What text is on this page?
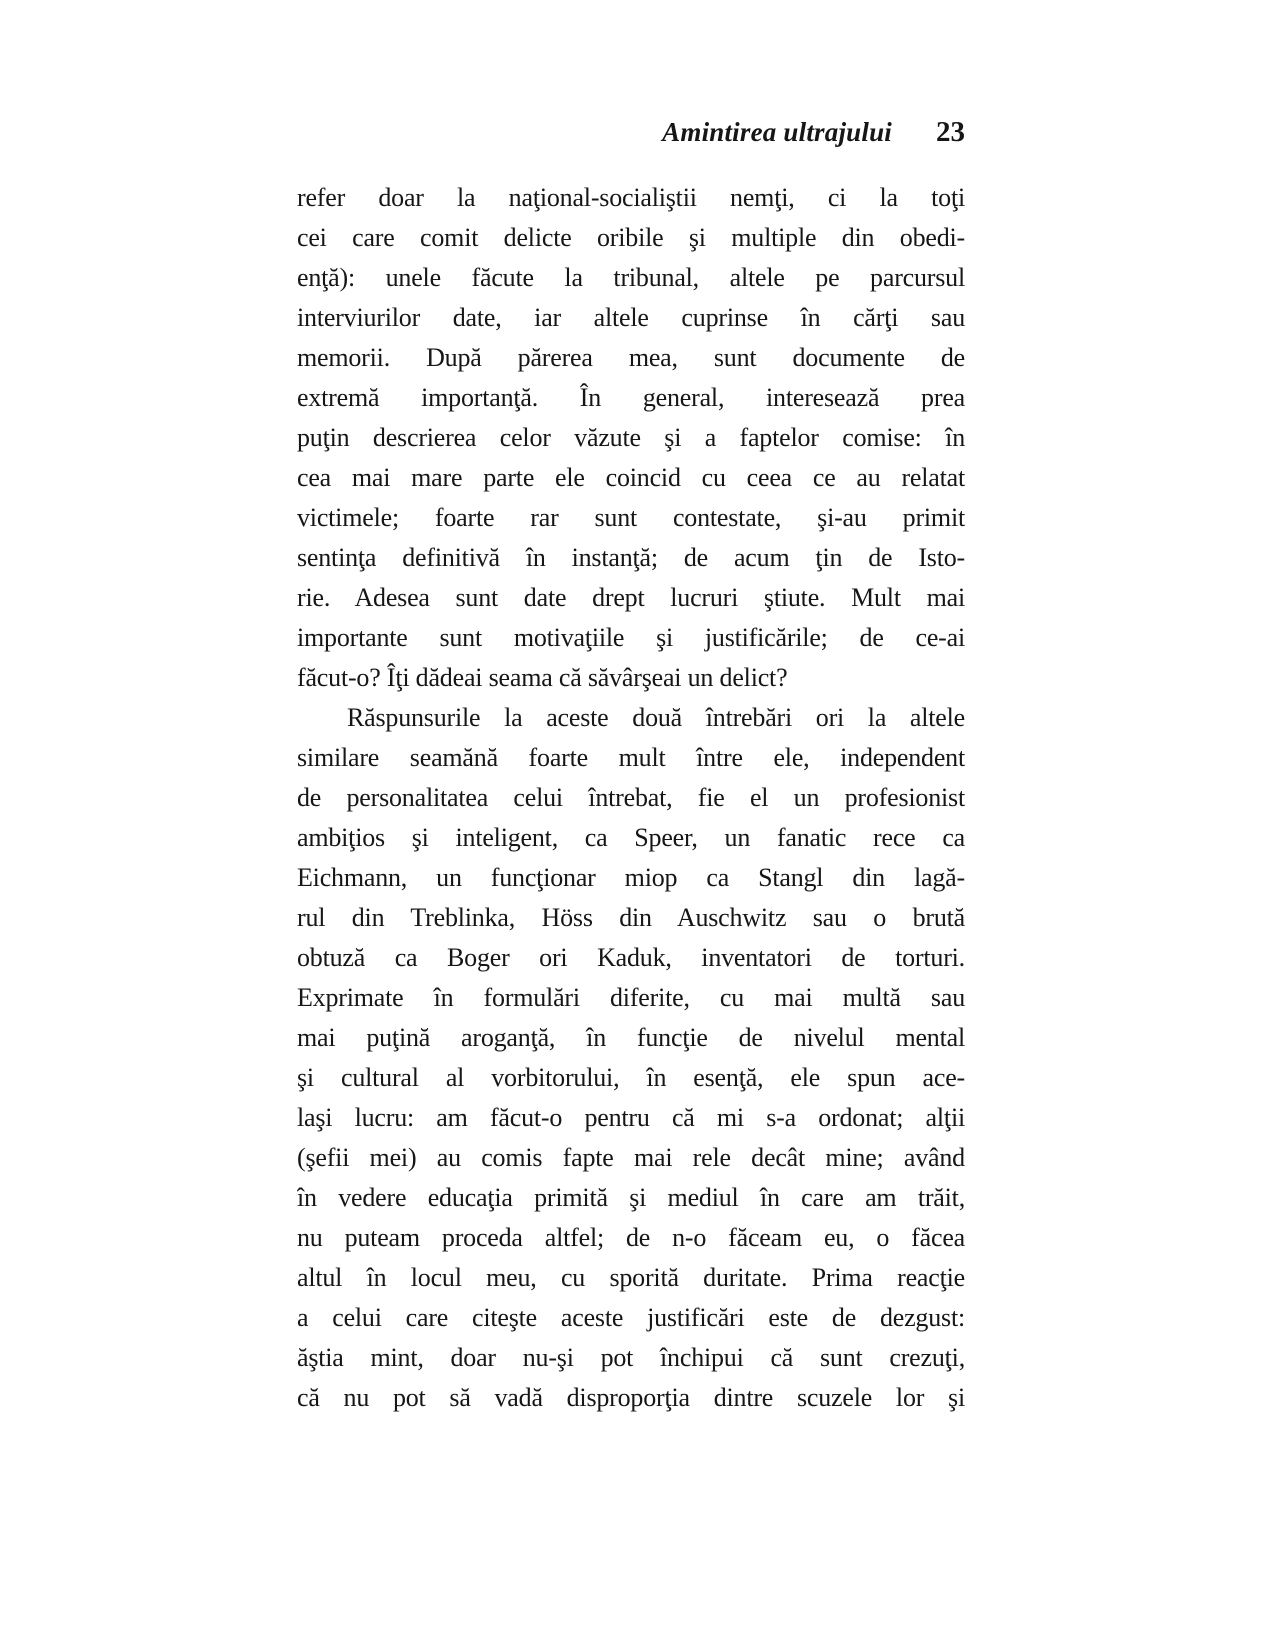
Amintirea ultrajului 23
refer doar la naţional-socialiştii nemţi, ci la toţi
cei care comit delicte oribile şi multiple din obedi-
enţă): unele făcute la tribunal, altele pe parcursul
interviurilor date, iar altele cuprinse în cărţi sau
memorii. După părerea mea, sunt documente de
extremă importanţă. În general, interesează prea
puţin descrierea celor văzute şi a faptelor comise: în
cea mai mare parte ele coincid cu ceea ce au relatat
victimele; foarte rar sunt contestate, şi-au primit
sentinţa definitivă în instanţă; de acum ţin de Isto-
rie. Adesea sunt date drept lucruri ştiute. Mult mai
importante sunt motivaţiile şi justificările; de ce-ai
făcut-o? Îţi dădeai seama că săvârşeai un delict?
Răspunsurile la aceste două întrebări ori la altele
similare seamănă foarte mult între ele, independent
de personalitatea celui întrebat, fie el un profesionist
ambiţios şi inteligent, ca Speer, un fanatic rece ca
Eichmann, un funcţionar miop ca Stangl din lagă-
rul din Treblinka, Höss din Auschwitz sau o brută
obtuză ca Boger ori Kaduk, inventatori de torturi.
Exprimate în formulări diferite, cu mai multă sau
mai puţină aroganţă, în funcţie de nivelul mental
şi cultural al vorbitorului, în esenţă, ele spun ace-
laşi lucru: am făcut-o pentru că mi s-a ordonat; alţii
(şefii mei) au comis fapte mai rele decât mine; având
în vedere educaţia primită şi mediul în care am trăit,
nu puteam proceda altfel; de n-o făceam eu, o făcea
altul în locul meu, cu sporită duritate. Prima reacţie
a celui care citeşte aceste justificări este de dezgust:
ăştia mint, doar nu-şi pot închipui că sunt crezuţi,
că nu pot să vadă disproporţia dintre scuzele lor şi
